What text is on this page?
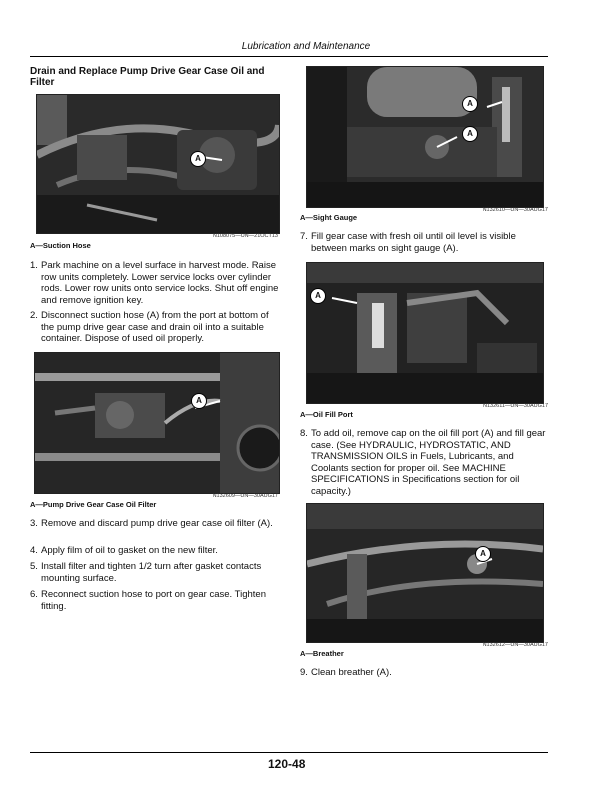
Lubrication and Maintenance
Drain and Replace Pump Drive Gear Case Oil and Filter
A
N108075—UN—21OCT13
A—Suction Hose
1. Park machine on a level surface in harvest mode. Raise row units completely. Lower service locks over cylinder rods. Lower row units onto service locks. Shut off engine and remove ignition key.
2. Disconnect suction hose (A) from the port at bottom of the pump drive gear case and drain oil into a suitable container. Dispose of used oil properly.
A
N132609—UN—30AUG17
A—Pump Drive Gear Case Oil Filter
3. Remove and discard pump drive gear case oil filter (A).
4. Apply film of oil to gasket on the new filter.
5. Install filter and tighten 1/2 turn after gasket contacts mounting surface.
6. Reconnect suction hose to port on gear case. Tighten fitting.
A
A
N132610—UN—30AUG17
A—Sight Gauge
7. Fill gear case with fresh oil until oil level is visible between marks on sight gauge (A).
A
N132611—UN—30AUG17
A—Oil Fill Port
8. To add oil, remove cap on the oil fill port (A) and fill gear case. (See HYDRAULIC, HYDROSTATIC, AND TRANSMISSION OILS in Fuels, Lubricants, and Coolants section for proper oil. See MACHINE SPECIFICATIONS in Specifications section for oil capacity.)
A
N132612—UN—30AUG17
A—Breather
9. Clean breather (A).
120-48
